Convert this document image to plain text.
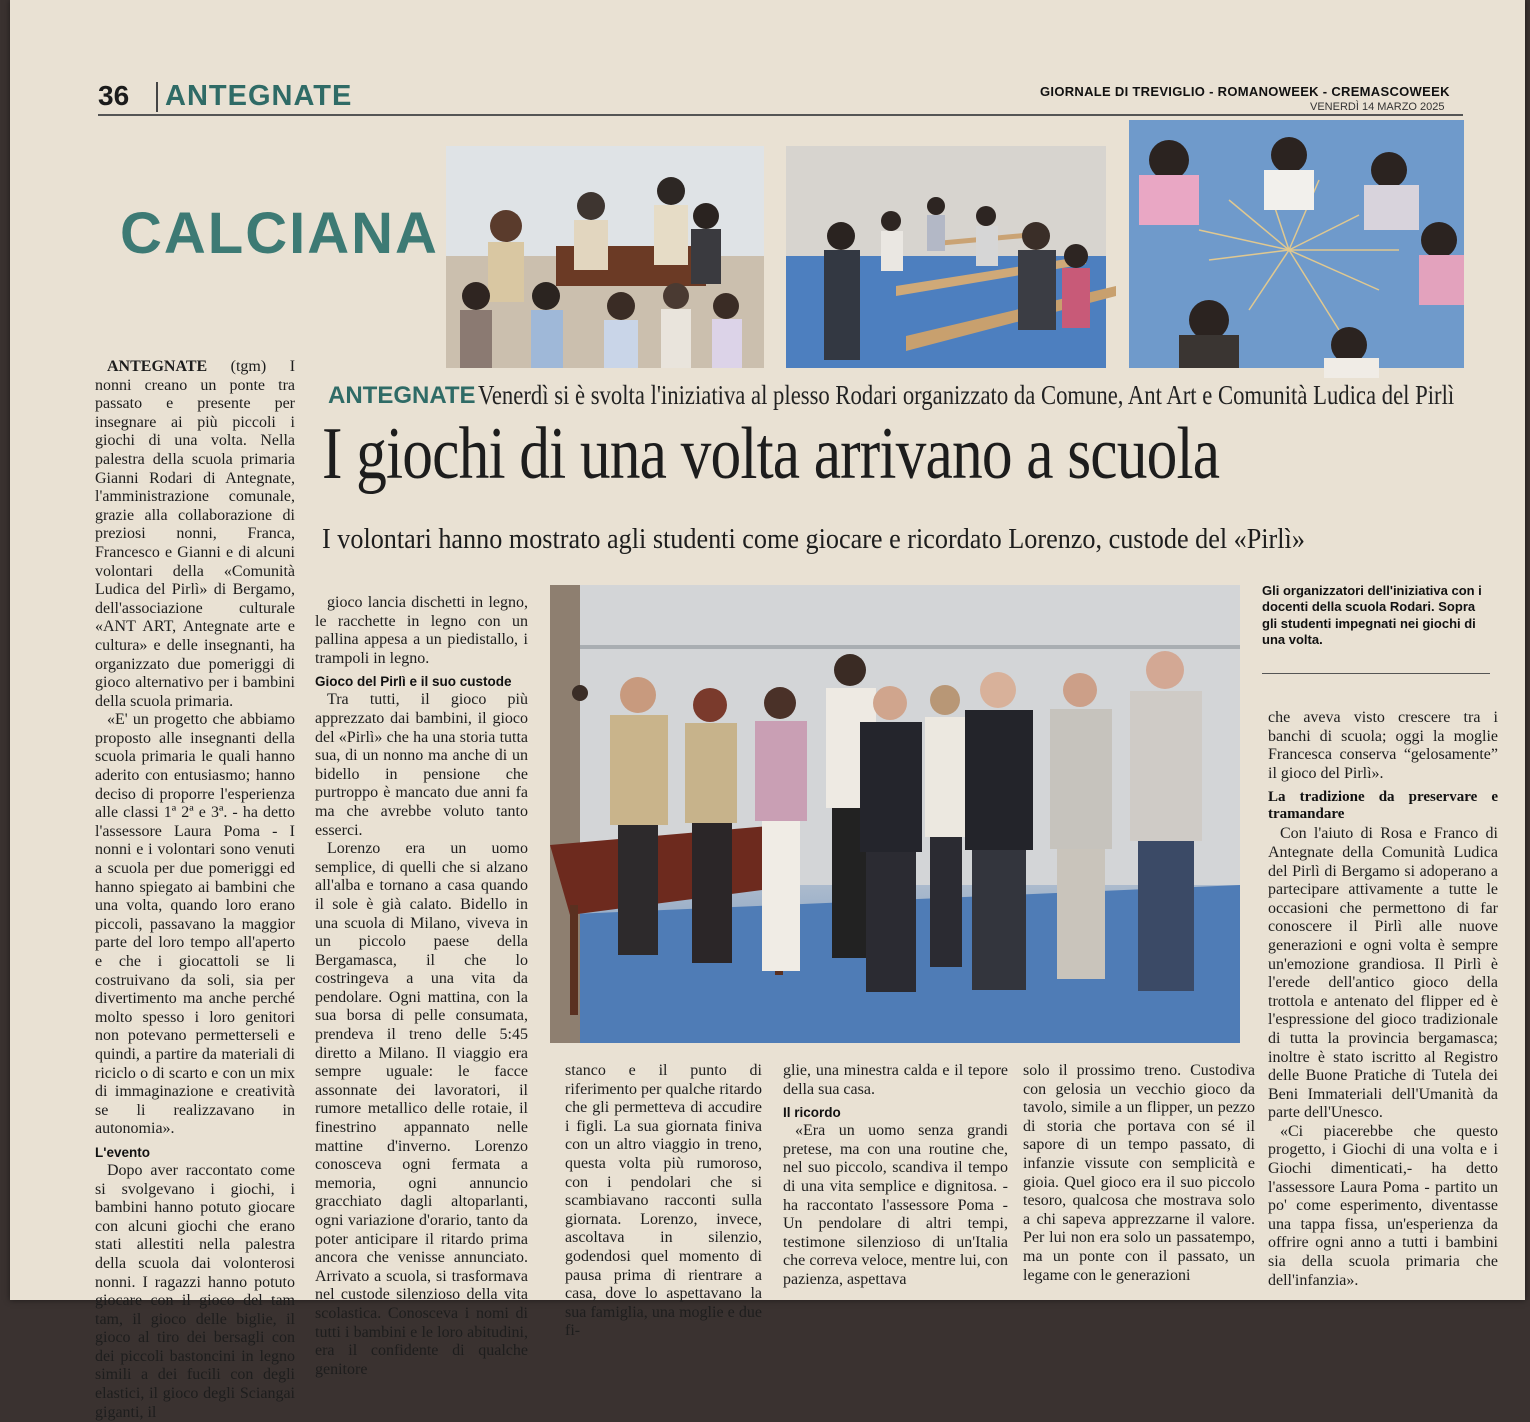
36 ANTEGNATE	GIORNALE DI TREVIGLIO - ROMANOWEEK - CREMASCOWEEK
VENERDÌ 14 MARZO 2025
CALCIANA
ANTEGNATE Venerdì si è svolta l'iniziativa al plesso Rodari organizzato da Comune, Ant Art e Comunità Ludica del Pirlì
I giochi di una volta arrivano a scuola
I volontari hanno mostrato agli studenti come giocare e ricordato Lorenzo, custode del «Pirlì»

ANTEGNATE (tgm) I nonni creano un ponte tra passato e presente per insegnare ai più piccoli i giochi di una volta. Nella palestra della scuola primaria Gianni Rodari di Antegnate, l'amministrazione comunale, grazie alla collaborazione di preziosi nonni, Franca, Francesco e Gianni e di alcuni volontari della «Comunità Ludica del Pirlì» di Bergamo, dell'associazione culturale «ANT ART, Antegnate arte e cultura» e delle insegnanti, ha organizzato due pomeriggi di gioco alternativo per i bambini della scuola primaria.

«E' un progetto che abbiamo proposto alle insegnanti della scuola primaria le quali hanno aderito con entusiasmo; hanno deciso di proporre l'esperienza alle classi 1ª 2ª e 3ª. - ha detto l'assessore Laura Poma - I nonni e i volontari sono venuti a scuola per due pomeriggi ed hanno spiegato ai bambini che una volta, quando loro erano piccoli, passavano la maggior parte del loro tempo all'aperto e che i giocattoli se li costruivano da soli, sia per divertimento ma anche perché molto spesso i loro genitori non potevano permetterseli e quindi, a partire da materiali di riciclo o di scarto e con un mix di immaginazione e creatività se li realizzavano in autonomia».

L'evento

Dopo aver raccontato come si svolgevano i giochi, i bambini hanno potuto giocare con alcuni giochi che erano stati allestiti nella palestra della scuola dai volonterosi nonni. I ragazzi hanno potuto giocare con il gioco del tam tam, il gioco delle biglie, il gioco al tiro dei bersagli con dei piccoli bastoncini in legno simili a dei fucili con degli elastici, il gioco degli Sciangai giganti, il

gioco lancia dischetti in legno, le racchette in legno con un pallina appesa a un piedistallo, i trampoli in legno.

Gioco del Pirlì e il suo custode

Tra tutti, il gioco più apprezzato dai bambini, il gioco del «Pirlì» che ha una storia tutta sua, di un nonno ma anche di un bidello in pensione che purtroppo è mancato due anni fa ma che avrebbe voluto tanto esserci.

Lorenzo era un uomo semplice, di quelli che si alzano all'alba e tornano a casa quando il sole è già calato. Bidello in una scuola di Milano, viveva in un piccolo paese della Bergamasca, il che lo costringeva a una vita da pendolare. Ogni mattina, con la sua borsa di pelle consumata, prendeva il treno delle 5:45 diretto a Milano. Il viaggio era sempre uguale: le facce assonnate dei lavoratori, il rumore metallico delle rotaie, il finestrino appannato nelle mattine d'inverno. Lorenzo conosceva ogni fermata a memoria, ogni annuncio gracchiato dagli altoparlanti, ogni variazione d'orario, tanto da poter anticipare il ritardo prima ancora che venisse annunciato. Arrivato a scuola, si trasformava nel custode silenzioso della vita scolastica. Conosceva i nomi di tutti i bambini e le loro abitudini, era il confidente di qualche genitore

Gli organizzatori dell'iniziativa con i docenti della scuola Rodari. Sopra gli studenti impegnati nei giochi di una volta.

stanco e il punto di riferimento per qualche ritardo che gli permetteva di accudire i figli. La sua giornata finiva con un altro viaggio in treno, questa volta più rumoroso, con i pendolari che si scambiavano racconti sulla giornata. Lorenzo, invece, ascoltava in silenzio, godendosi quel momento di pausa prima di rientrare a casa, dove lo aspettavano la sua famiglia, una moglie e due fi-

glie, una minestra calda e il tepore della sua casa.

Il ricordo

«Era un uomo senza grandi pretese, ma con una routine che, nel suo piccolo, scandiva il tempo di una vita semplice e dignitosa. - ha raccontato l'assessore Poma - Un pendolare di altri tempi, testimone silenzioso di un'Italia che correva veloce, mentre lui, con pazienza, aspettava

solo il prossimo treno. Custodiva con gelosia un vecchio gioco da tavolo, simile a un flipper, un pezzo di storia che portava con sé il sapore di un tempo passato, di infanzie vissute con semplicità e gioia. Quel gioco era il suo piccolo tesoro, qualcosa che mostrava solo a chi sapeva apprezzarne il valore. Per lui non era solo un passatempo, ma un ponte con il passato, un legame con le generazioni

che aveva visto crescere tra i banchi di scuola; oggi la moglie Francesca conserva “gelosamente” il gioco del Pirlì».

La tradizione da preservare e tramandare

Con l'aiuto di Rosa e Franco di Antegnate della Comunità Ludica del Pirlì di Bergamo si adoperano a partecipare attivamente a tutte le occasioni che permettono di far conoscere il Pirlì alle nuove generazioni e ogni volta è sempre un'emozione grandiosa. Il Pirlì è l'erede dell'antico gioco della trottola e antenato del flipper ed è l'espressione del gioco tradizionale di tutta la provincia bergamasca; inoltre è stato iscritto al Registro delle Buone Pratiche di Tutela dei Beni Immateriali dell'Umanità da parte dell'Unesco.

«Ci piacerebbe che questo progetto, i Giochi di una volta e i Giochi dimenticati,- ha detto l'assessore Laura Poma - partito un po' come esperimento, diventasse una tappa fissa, un'esperienza da offrire ogni anno a tutti i bambini sia della scuola primaria che dell'infanzia».
